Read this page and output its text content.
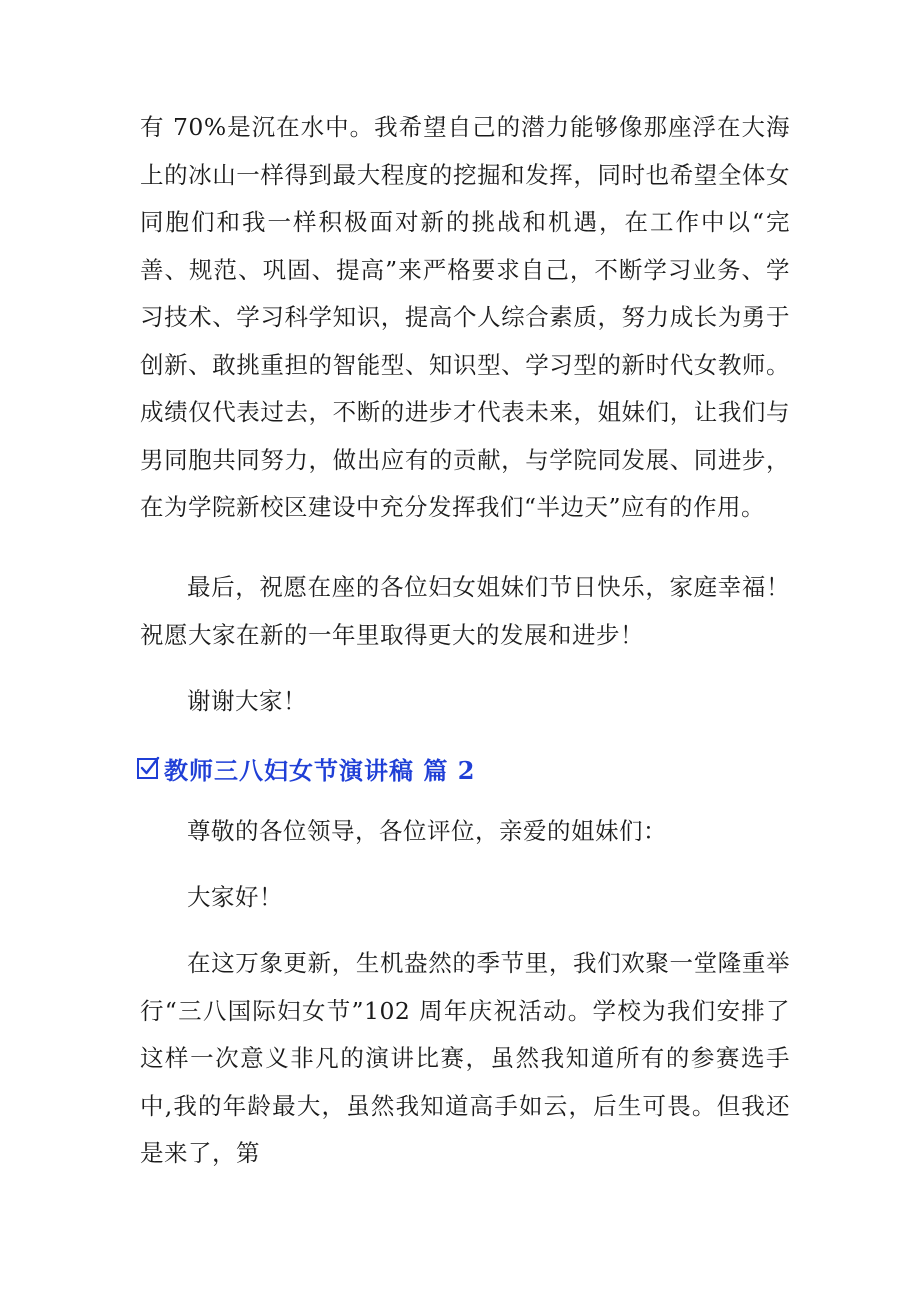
有 70%是沉在水中。我希望自己的潜力能够像那座浮在大海上的冰山一样得到最大程度的挖掘和发挥，同时也希望全体女同胞们和我一样积极面对新的挑战和机遇，在工作中以“完善、规范、巩固、提高”来严格要求自己，不断学习业务、学习技术、学习科学知识，提高个人综合素质，努力成长为勇于创新、敢挑重担的智能型、知识型、学习型的新时代女教师。成绩仅代表过去，不断的进步才代表未来，姐妹们，让我们与男同胞共同努力，做出应有的贡献，与学院同发展、同进步，在为学院新校区建设中充分发挥我们“半边天”应有的作用。

最后，祝愿在座的各位妇女姐妹们节日快乐，家庭幸福！祝愿大家在新的一年里取得更大的发展和进步！

谢谢大家！

教师三八妇女节演讲稿 篇 2

尊敬的各位领导，各位评位，亲爱的姐妹们：

大家好！

在这万象更新，生机盎然的季节里，我们欢聚一堂隆重举行“三八国际妇女节”102 周年庆祝活动。学校为我们安排了这样一次意义非凡的演讲比赛，虽然我知道所有的参赛选手中,我的年龄最大，虽然我知道高手如云，后生可畏。但我还是来了，第
